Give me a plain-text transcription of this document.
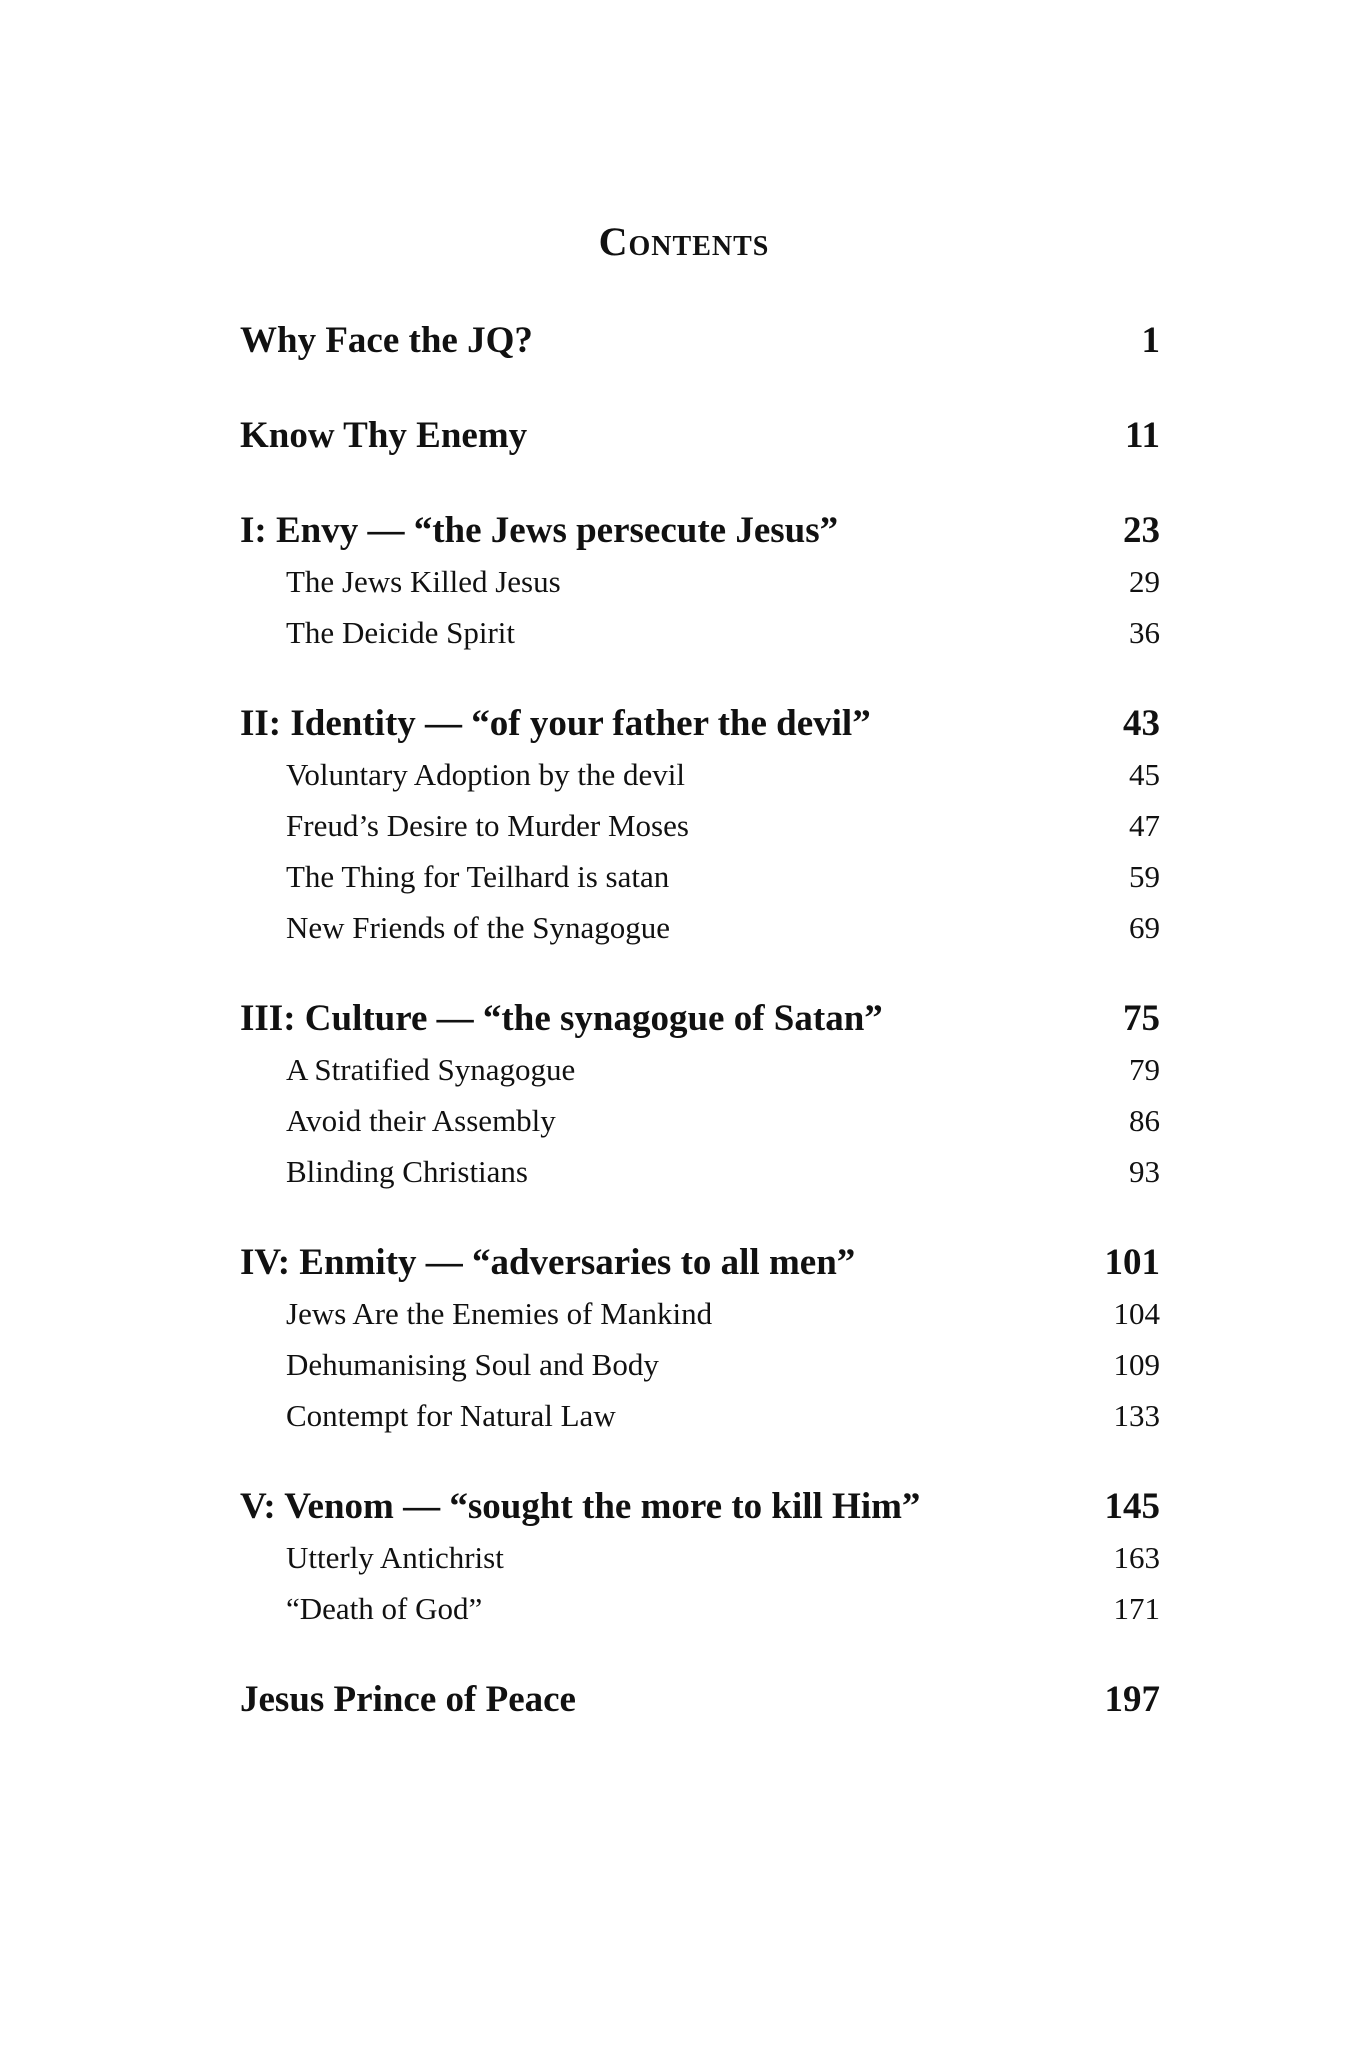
Contents
Why Face the JQ?	1
Know Thy Enemy	11
I: Envy — “the Jews persecute Jesus”	23
The Jews Killed Jesus	29
The Deicide Spirit	36
II: Identity — “of your father the devil”	43
Voluntary Adoption by the devil	45
Freud’s Desire to Murder Moses	47
The Thing for Teilhard is satan	59
New Friends of the Synagogue	69
III: Culture — “the synagogue of Satan”	75
A Stratified Synagogue	79
Avoid their Assembly	86
Blinding Christians	93
IV: Enmity — “adversaries to all men”	101
Jews Are the Enemies of Mankind	104
Dehumanising Soul and Body	109
Contempt for Natural Law	133
V: Venom — “sought the more to kill Him”	145
Utterly Antichrist	163
“Death of God”	171
Jesus Prince of Peace	197
